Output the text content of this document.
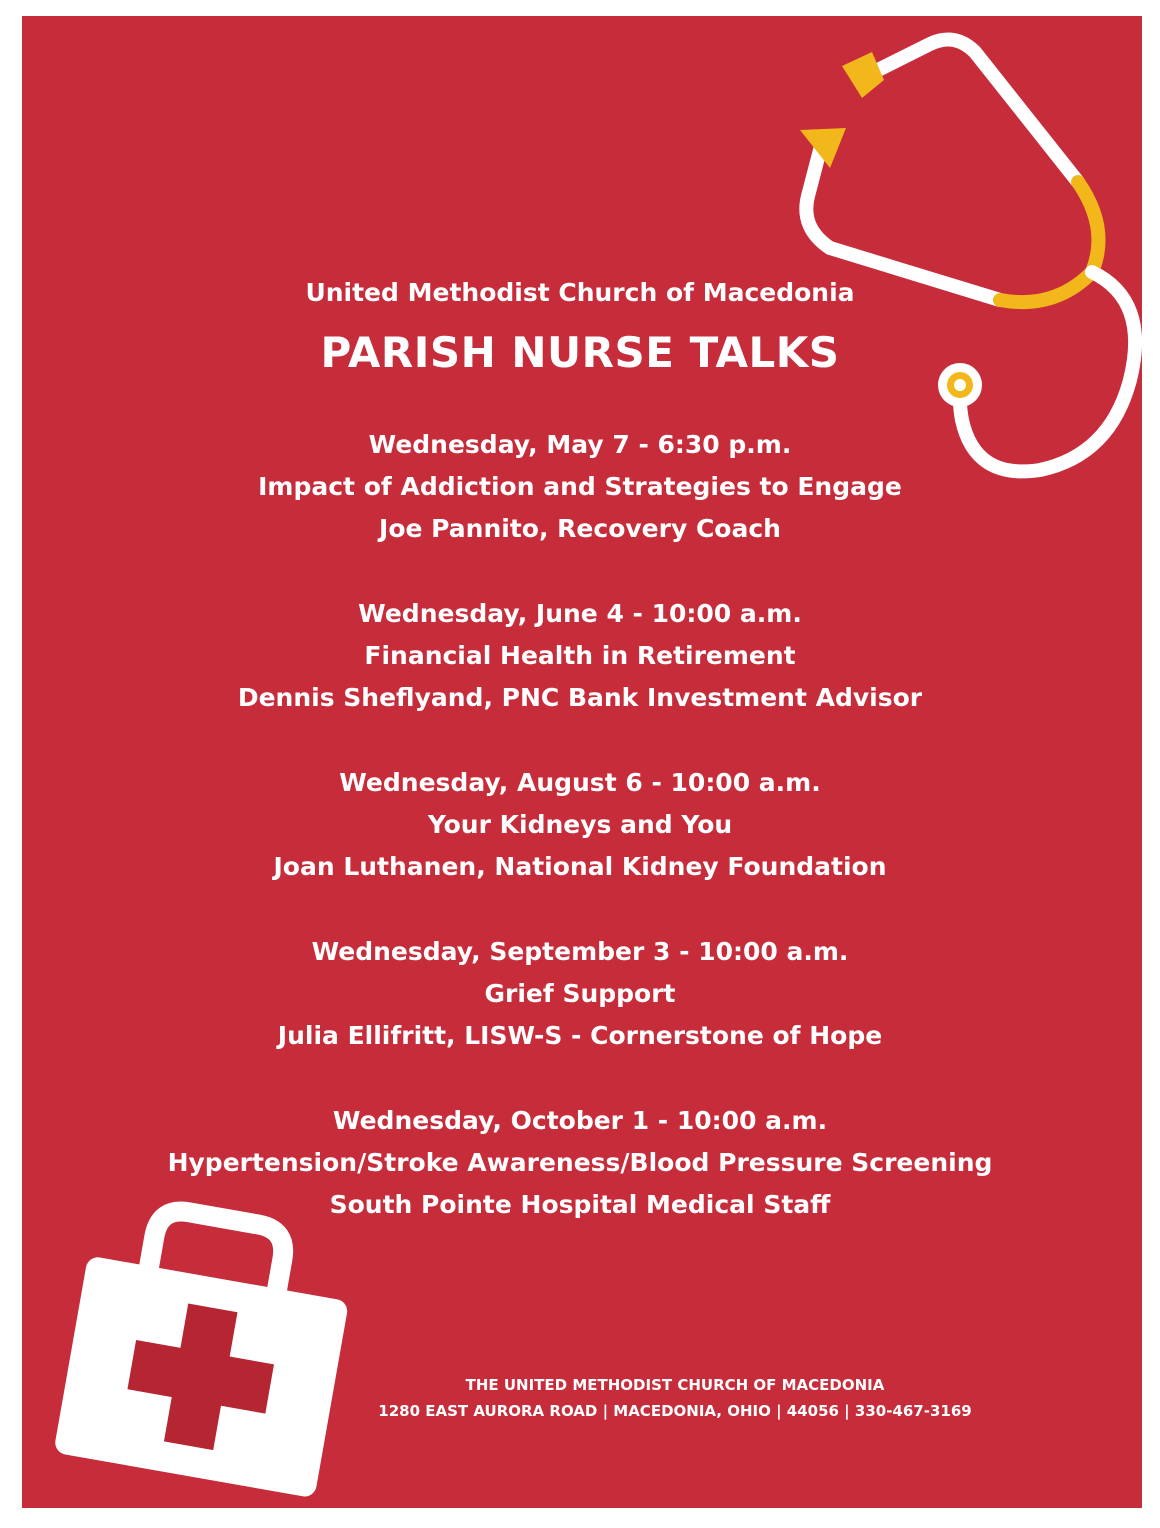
United Methodist Church of Macedonia
PARISH NURSE TALKS
Wednesday, May 7 - 6:30 p.m.
Impact of Addiction and Strategies to Engage
Joe Pannito, Recovery Coach
Wednesday, June 4 - 10:00 a.m.
Financial Health in Retirement
Dennis Sheflyand, PNC Bank Investment Advisor
Wednesday, August 6 - 10:00 a.m.
Your Kidneys and You
Joan Luthanen, National Kidney Foundation
Wednesday, September 3 - 10:00 a.m.
Grief Support
Julia Ellifritt, LISW-S - Cornerstone of Hope
Wednesday, October 1 - 10:00 a.m.
Hypertension/Stroke Awareness/Blood Pressure Screening
South Pointe Hospital Medical Staff
THE UNITED METHODIST CHURCH OF MACEDONIA
1280 EAST AURORA ROAD | MACEDONIA, OHIO | 44056 | 330-467-3169
